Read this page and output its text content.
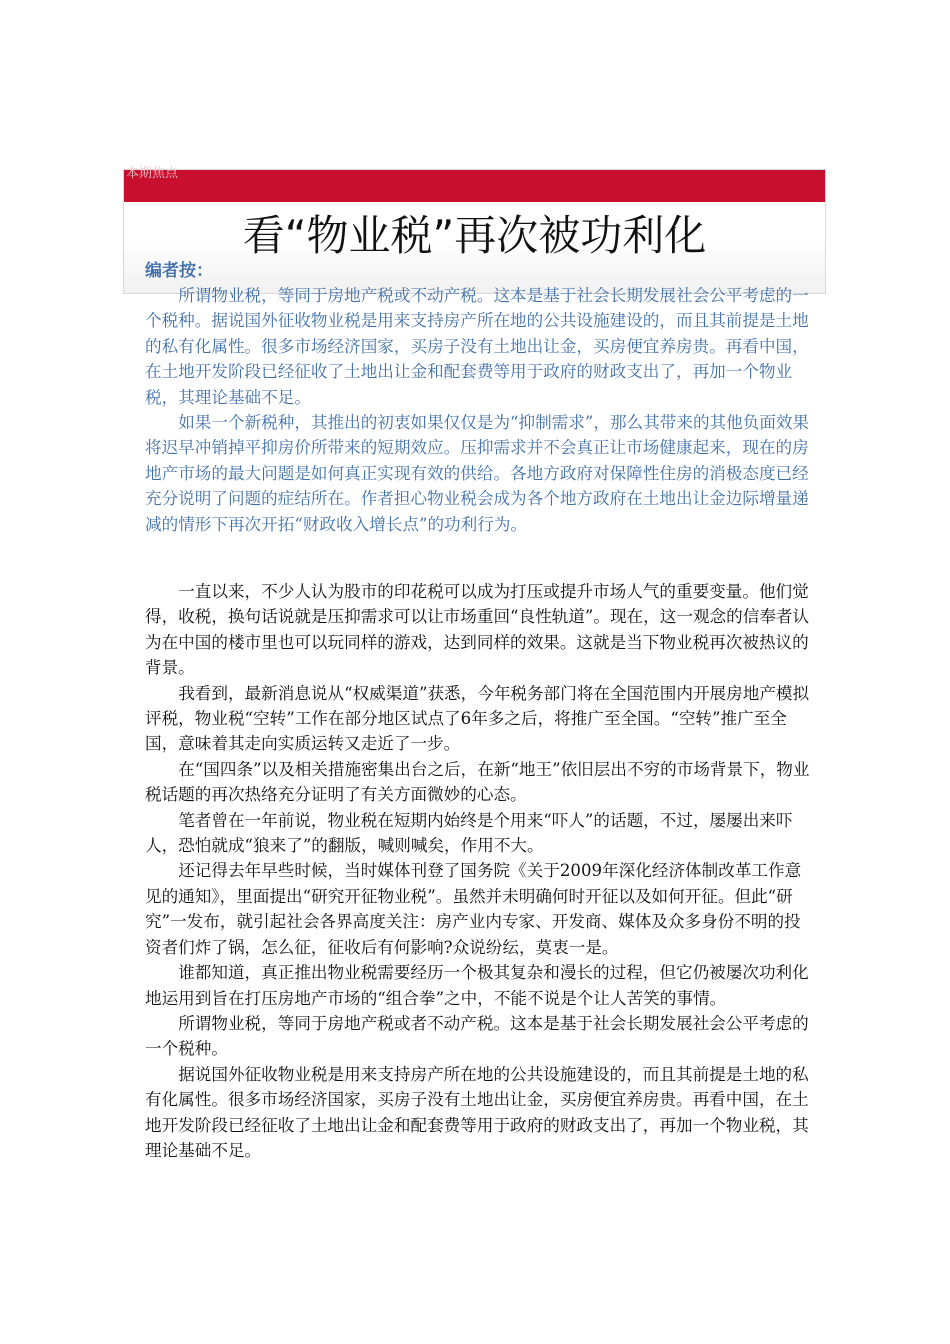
本期焦点
看“物业税”再次被功利化
编者按：

所谓物业税，等同于房地产税或不动产税。这本是基于社会长期发展社会公平考虑的一个税种。据说国外征收物业税是用来支持房产所在地的公共设施建设的，而且其前提是土地的私有化属性。很多市场经济国家，买房子没有土地出让金，买房便宜养房贵。再看中国，在土地开发阶段已经征收了土地出让金和配套费等用于政府的财政支出了，再加一个物业税，其理论基础不足。

如果一个新税种，其推出的初衷如果仅仅是为“抑制需求”，那么其带来的其他负面效果将迟早冲销掉平抑房价所带来的短期效应。压抑需求并不会真正让市场健康起来，现在的房地产市场的最大问题是如何真正实现有效的供给。各地方政府对保障性住房的消极态度已经充分说明了问题的症结所在。作者担心物业税会成为各个地方政府在土地出让金边际增量递减的情形下再次开拓“财政收入增长点”的功利行为。

一直以来，不少人认为股市的印花税可以成为打压或提升市场人气的重要变量。他们觉得，收税，换句话说就是压抑需求可以让市场重回“良性轨道”。现在，这一观念的信奉者认为在中国的楼市里也可以玩同样的游戏，达到同样的效果。这就是当下物业税再次被热议的背景。

我看到，最新消息说从“权威渠道”获悉，今年税务部门将在全国范围内开展房地产模拟评税，物业税“空转”工作在部分地区试点了6年多之后，将推广至全国。“空转”推广至全国，意味着其走向实质运转又走近了一步。

在“国四条”以及相关措施密集出台之后，在新“地王”依旧层出不穷的市场背景下，物业税话题的再次热络充分证明了有关方面微妙的心态。

笔者曾在一年前说，物业税在短期内始终是个用来“吓人”的话题，不过，屡屡出来吓人，恐怕就成“狼来了”的翻版，喊则喊矣，作用不大。

还记得去年早些时候，当时媒体刊登了国务院《关于2009年深化经济体制改革工作意见的通知》，里面提出“研究开征物业税”。虽然并未明确何时开征以及如何开征。但此“研究”一发布，就引起社会各界高度关注：房产业内专家、开发商、媒体及众多身份不明的投资者们炸了锅，怎么征，征收后有何影响?众说纷纭，莫衷一是。

谁都知道，真正推出物业税需要经历一个极其复杂和漫长的过程，但它仍被屡次功利化地运用到旨在打压房地产市场的“组合拳”之中，不能不说是个让人苦笑的事情。

所谓物业税，等同于房地产税或者不动产税。这本是基于社会长期发展社会公平考虑的一个税种。

据说国外征收物业税是用来支持房产所在地的公共设施建设的，而且其前提是土地的私有化属性。很多市场经济国家，买房子没有土地出让金，买房便宜养房贵。再看中国，在土地开发阶段已经征收了土地出让金和配套费等用于政府的财政支出了，再加一个物业税，其理论基础不足。
